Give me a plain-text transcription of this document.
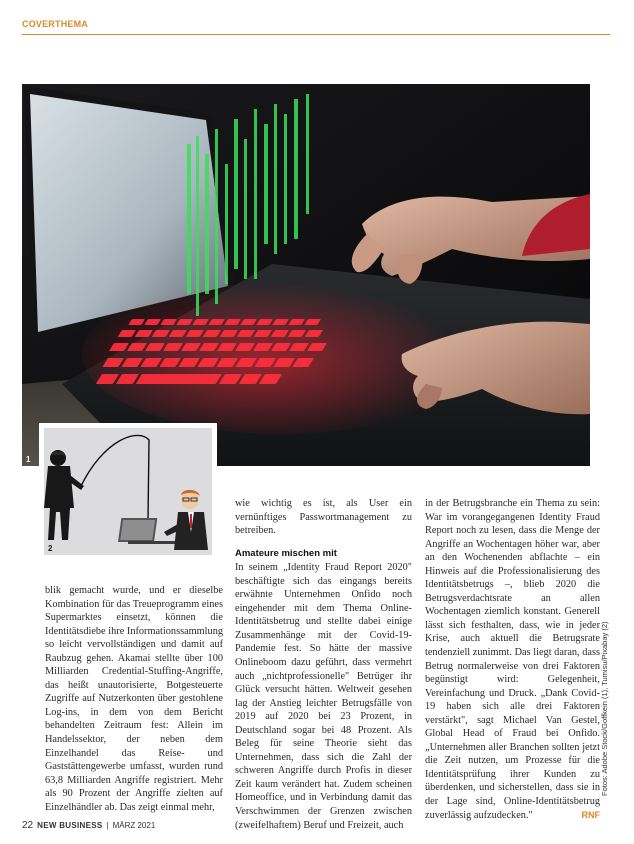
COVERTHEMA
1
2

blik gemacht wurde, und er dieselbe Kombination für das Treueprogramm eines Supermarktes einsetzt, können die Identitätsdiebe ihre Informationssammlung so leicht vervollständigen und damit auf Raubzug gehen. Akamai stellte über 100 Milliarden Credential-Stuffing-Angriffe, das heißt unautorisierte, Botgesteuerte Zugriffe auf Nutzerkonten über gestohlene Log-ins, in dem von dem Bericht behandelten Zeitraum fest: Allein im Handelssektor, der neben dem Einzelhandel das Reise- und Gaststättengewerbe umfasst, wurden rund 63,8 Milliarden Angriffe registriert. Mehr als 90 Prozent der Angriffe zielten auf Einzelhändler ab. Das zeigt einmal mehr,

wie wichtig es ist, als User ein vernünftiges Passwortmanagement zu betreiben.

Amateure mischen mit

In seinem „Identity Fraud Report 2020" beschäftigte sich das eingangs bereits erwähnte Unternehmen Onfido noch eingehender mit dem Thema Online-Identitätsbetrug und stellte dabei einige Zusammenhänge mit der Covid-19-Pandemie fest. So hätte der massive Onlineboom dazu geführt, dass vermehrt auch „nichtprofessionelle" Betrüger ihr Glück versucht hätten. Weltweit gesehen lag der Anstieg leichter Betrugsfälle von 2019 auf 2020 bei 23 Prozent, in Deutschland sogar bei 48 Prozent. Als Beleg für seine Theorie sieht das Unternehmen, dass sich die Zahl der schweren Angriffe durch Profis in dieser Zeit kaum verändert hat. Zudem scheinen Homeoffice, und in Verbindung damit das Verschwimmen der Grenzen zwischen (zweifelhaftem) Beruf und Freizeit, auch

in der Betrugsbranche ein Thema zu sein: War im vorangegangenen Identity Fraud Report noch zu lesen, dass die Menge der Angriffe an Wochentagen höher war, aber an den Wochenenden abflachte – ein Hinweis auf die Professionalisierung des Identitätsbetrugs –, blieb 2020 die Betrugsverdachtsrate an allen Wochentagen ziemlich konstant. Generell lässt sich festhalten, dass, wie in jeder Krise, auch aktuell die Betrugsrate tendenziell zunimmt. Das liegt daran, dass Betrug normalerweise von drei Faktoren begünstigt wird: Gelegenheit, Vereinfachung und Druck. „Dank Covid-19 haben sich alle drei Faktoren verstärkt", sagt Michael Van Gestel, Global Head of Fraud bei Onfido. „Unternehmen aller Branchen sollten jetzt die Zeit nutzen, um Prozesse für die Identitätsprüfung ihrer Kunden zu überdenken, und sicherstellen, dass sie in der Lage sind, Online-Identitätsbetrug zuverlässig aufzudecken."	RNF

Fotos: Adobe Stock/Goffkein (1), Tumisu/Pixabay (2)
22 NEW BUSINESS | MÄRZ 2021
